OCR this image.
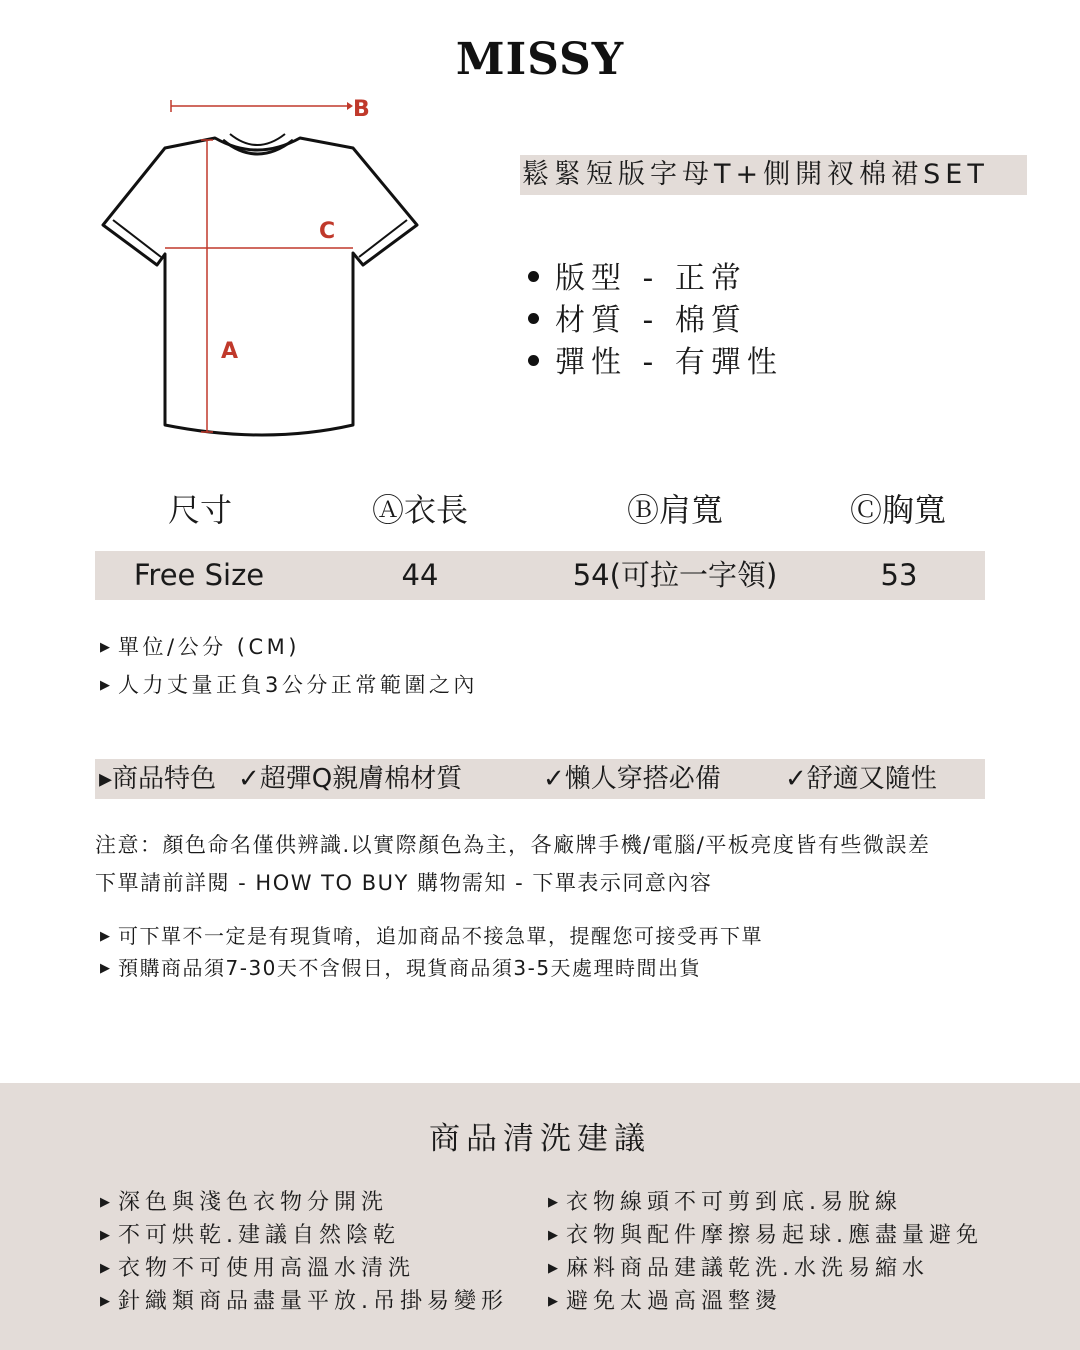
MISSY
B
C
A
鬆緊短版字母T+側開衩棉裙SET
版型 - 正常
材質 - 棉質
彈性 - 有彈性
尺寸	Ⓐ衣長	Ⓑ肩寬	Ⓒ胸寬
Free Size	44	54(可拉一字領)	53
▶ 單位/公分 (CM)
▶ 人力丈量正負3公分正常範圍之內
▸商品特色 ✓超彈Q親膚棉材質	✓懶人穿搭必備 ✓舒適又隨性
注意：顏色命名僅供辨識.以實際顏色為主，各廠牌手機/電腦/平板亮度皆有些微誤差
下單請前詳閱 - HOW TO BUY 購物需知 - 下單表示同意內容
▶ 可下單不一定是有現貨唷，追加商品不接急單，提醒您可接受再下單
▶ 預購商品須7-30天不含假日，現貨商品須3-5天處理時間出貨
商品清洗建議
▶ 深色與淺色衣物分開洗
▶ 不可烘乾.建議自然陰乾
▶ 衣物不可使用高溫水清洗
▶ 針織類商品盡量平放.吊掛易變形
▶ 衣物線頭不可剪到底.易脫線
▶ 衣物與配件摩擦易起球.應盡量避免
▶ 麻料商品建議乾洗.水洗易縮水
▶ 避免太過高溫整燙
